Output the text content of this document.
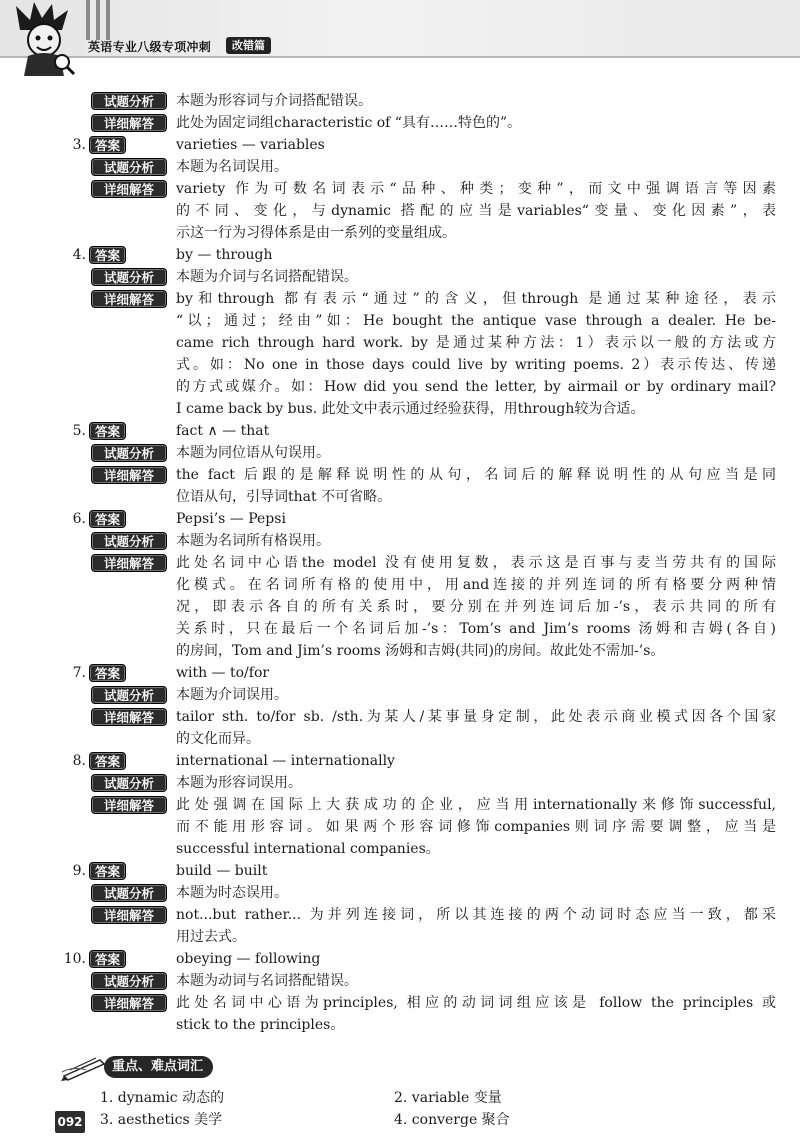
英语专业八级专项冲刺	改错篇
试题分析	本题为形容词与介词搭配错误。
详细解答	此处为固定词组characteristic of “具有……特色的”。
3. 答案	varieties — variables
试题分析	本题为名词误用。
详细解答	variety 作为可数名词表示“品种、种类；变种”，而文中强调语言等因素
的不同、变化，与dynamic 搭配的应当是variables“变量、变化因素”，表
示这一行为习得体系是由一系列的变量组成。
4. 答案	by — through
试题分析	本题为介词与名词搭配错误。
详细解答	by和through 都有表示“通过”的含义，但through 是通过某种途径，表示
“以；通过；经由”如：He bought the antique vase through a dealer. He be-
came rich through hard work. by 是通过某种方法：1）表示以一般的方法或方
式。如：No one in those days could live by writing poems. 2）表示传达、传递
的方式或媒介。如：How did you send the letter, by airmail or by ordinary mail?
I came back by bus. 此处文中表示通过经验获得，用through较为合适。
5. 答案	fact ∧ — that
试题分析	本题为同位语从句误用。
详细解答	the fact 后跟的是解释说明性的从句，名词后的解释说明性的从句应当是同
位语从句，引导词that 不可省略。
6. 答案	Pepsi’s — Pepsi
试题分析	本题为名词所有格误用。
详细解答	此处名词中心语the model 没有使用复数，表示这是百事与麦当劳共有的国际
化模式。在名词所有格的使用中，用and连接的并列连词的所有格要分两种情
况，即表示各自的所有关系时，要分别在并列连词后加-’s，表示共同的所有
关系时，只在最后一个名词后加-’s：Tom’s and Jim’s rooms 汤姆和吉姆(各自)
的房间，Tom and Jim’s rooms 汤姆和吉姆(共同)的房间。故此处不需加-’s。
7. 答案	with — to/for
试题分析	本题为介词误用。
详细解答	tailor sth. to/for sb. /sth.为某人/某事量身定制，此处表示商业模式因各个国家
的文化而异。
8. 答案	international — internationally
试题分析	本题为形容词误用。
详细解答	此处强调在国际上大获成功的企业，应当用internationally来修饰successful,
而不能用形容词。如果两个形容词修饰companies则词序需要调整，应当是
successful international companies。
9. 答案	build — built
试题分析	本题为时态误用。
详细解答	not...but rather... 为并列连接词，所以其连接的两个动词时态应当一致，都采
用过去式。
10. 答案	obeying — following
试题分析	本题为动词与名词搭配错误。
详细解答	此处名词中心语为principles, 相应的动词词组应该是 follow the principles 或
stick to the principles。
重点、难点词汇
1. dynamic 动态的	2. variable 变量
3. aesthetics 美学	4. converge 聚合
092
